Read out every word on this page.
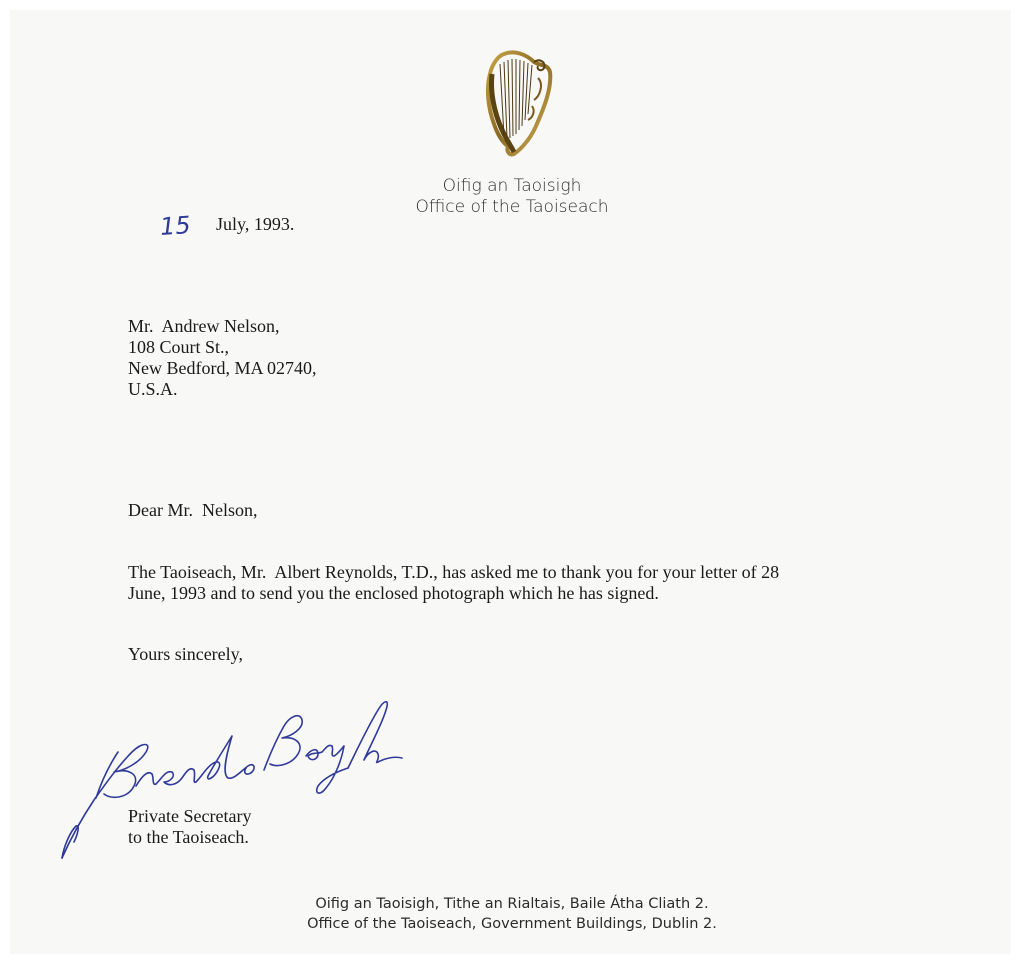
Oifig an Taoisigh
Office of the Taoiseach
15 July, 1993.
Mr.  Andrew Nelson,
108 Court St.,
New Bedford, MA 02740,
U.S.A.
Dear Mr.  Nelson,
The Taoiseach, Mr.  Albert Reynolds, T.D., has asked me to thank you for your letter of 28
June, 1993 and to send you the enclosed photograph which he has signed.
Yours sincerely,
Private Secretary
to the Taoiseach.
Oifig an Taoisigh, Tithe an Rialtais, Baile Átha Cliath 2.
Office of the Taoiseach, Government Buildings, Dublin 2.
